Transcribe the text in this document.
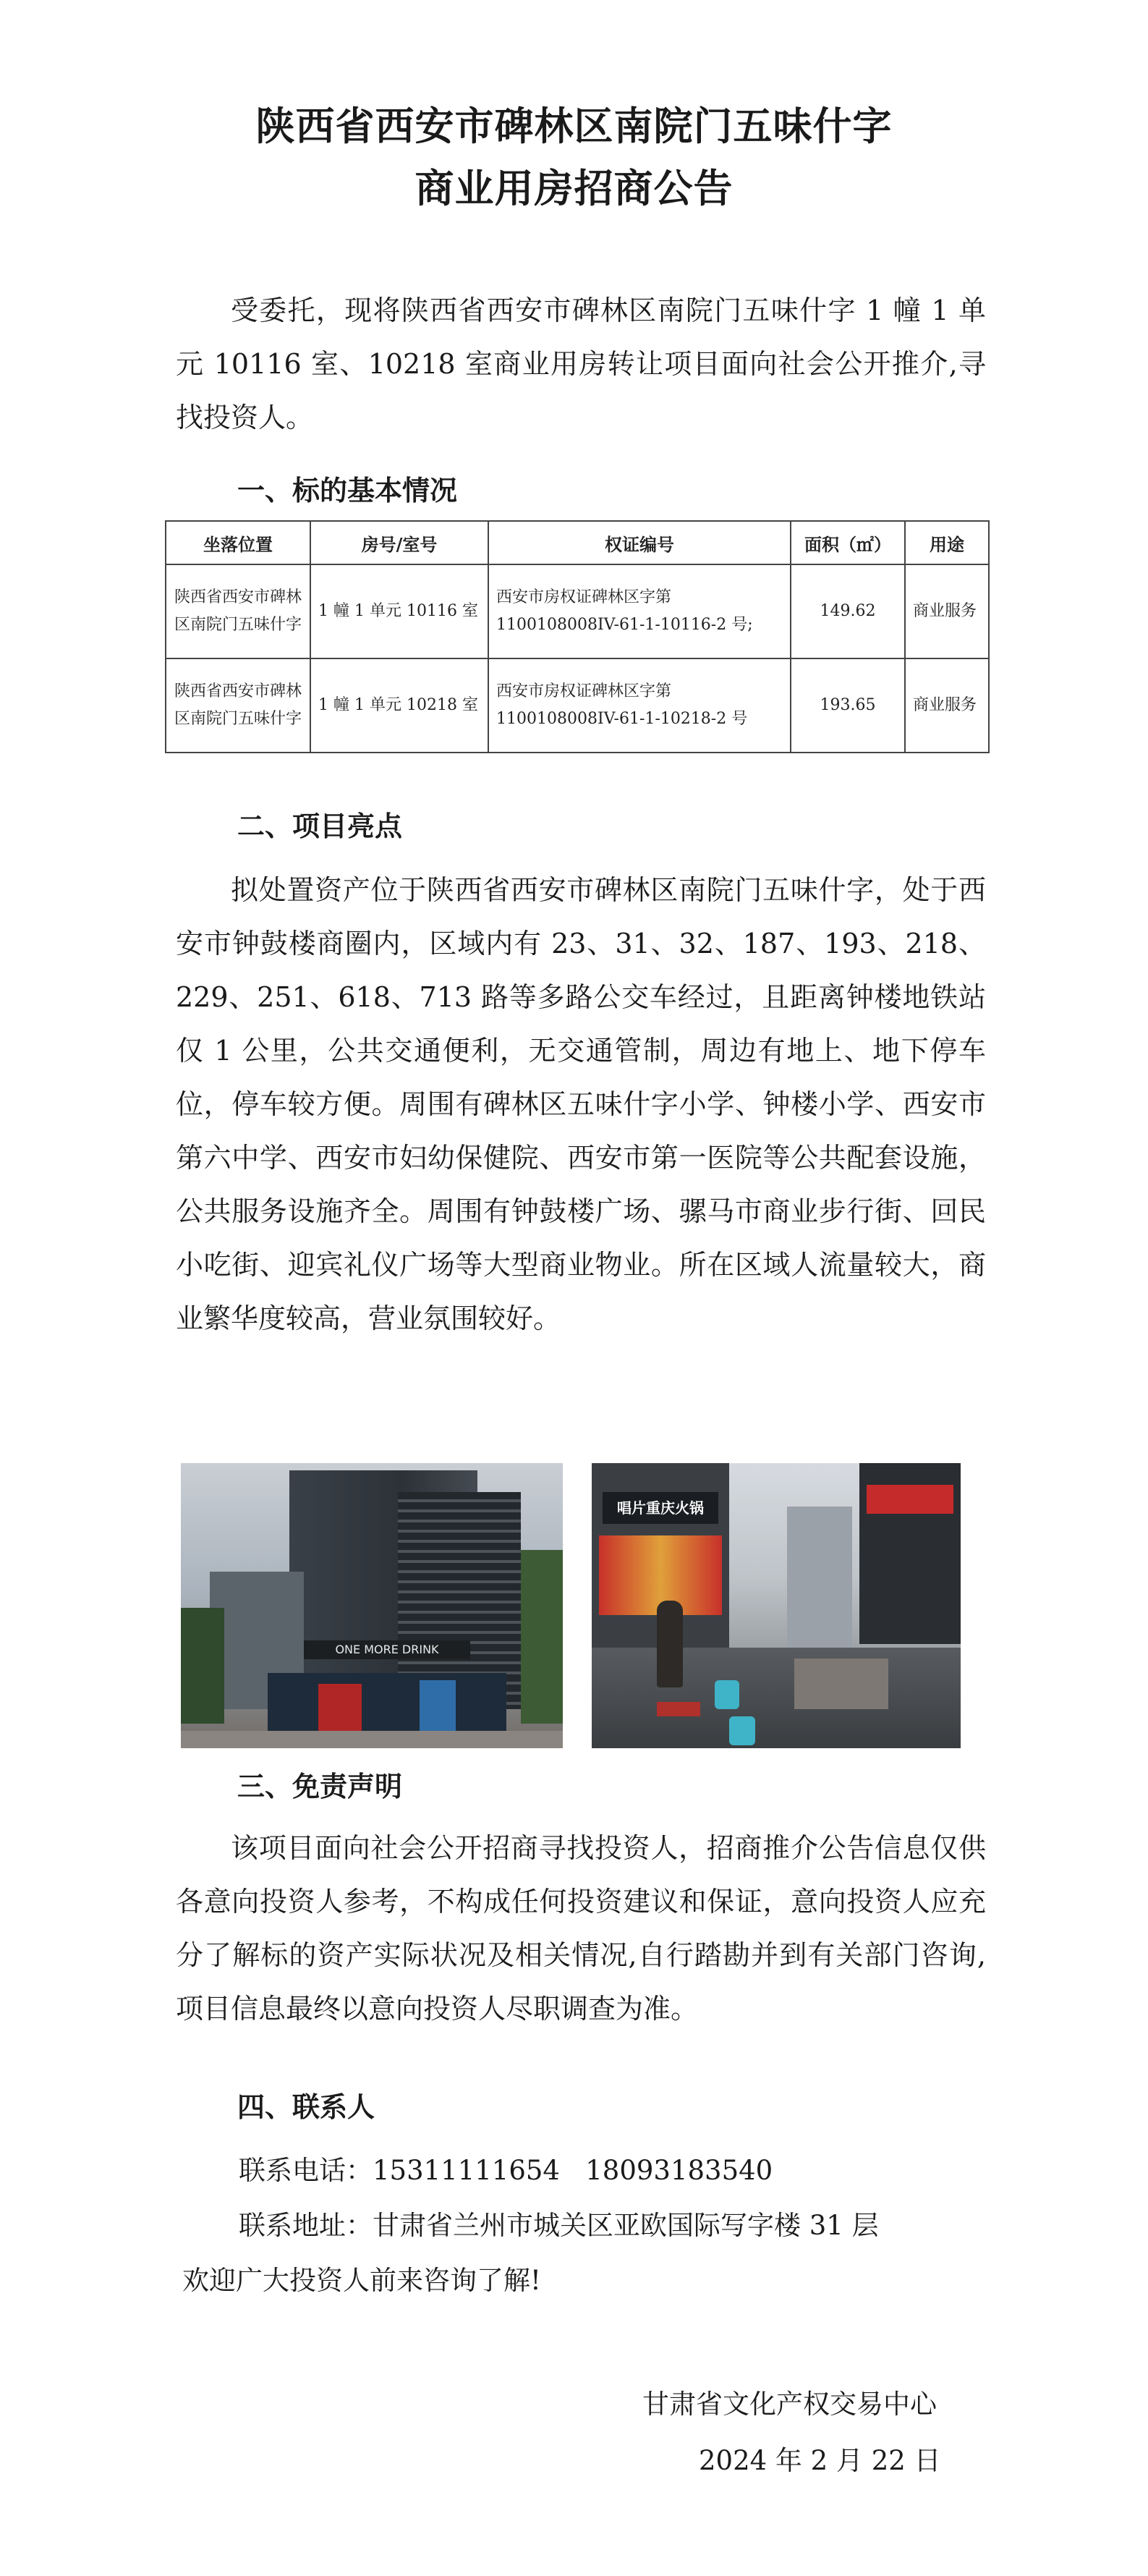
陕西省西安市碑林区南院门五味什字
商业用房招商公告

受委托，现将陕西省西安市碑林区南院门五味什字 1 幢 1 单元 10116 室、10218 室商业用房转让项目面向社会公开推介,寻找投资人。

一、标的基本情况
坐落位置	房号/室号	权证编号	面积（㎡）	用途
陕西省西安市碑林区南院门五味什字	1 幢 1 单元 10116 室	西安市房权证碑林区字第 1100108008IV-61-1-10116-2 号;	149.62	商业服务
陕西省西安市碑林区南院门五味什字	1 幢 1 单元 10218 室	西安市房权证碑林区字第 1100108008IV-61-1-10218-2 号	193.65	商业服务
二、项目亮点

拟处置资产位于陕西省西安市碑林区南院门五味什字，处于西安市钟鼓楼商圈内，区域内有 23、31、32、187、193、218、229、251、618、713 路等多路公交车经过，且距离钟楼地铁站仅 1 公里，公共交通便利，无交通管制，周边有地上、地下停车位，停车较方便。周围有碑林区五味什字小学、钟楼小学、西安市第六中学、西安市妇幼保健院、西安市第一医院等公共配套设施，公共服务设施齐全。周围有钟鼓楼广场、骡马市商业步行街、回民小吃街、迎宾礼仪广场等大型商业物业。所在区域人流量较大，商业繁华度较高，营业氛围较好。

ONE MORE DRINK
唱片重庆火锅
三、免责声明

该项目面向社会公开招商寻找投资人，招商推介公告信息仅供各意向投资人参考，不构成任何投资建议和保证，意向投资人应充分了解标的资产实际状况及相关情况,自行踏勘并到有关部门咨询,项目信息最终以意向投资人尽职调查为准。

四、联系人
联系电话：15311111654 18093183540
联系地址：甘肃省兰州市城关区亚欧国际写字楼 31 层
欢迎广大投资人前来咨询了解!
甘肃省文化产权交易中心
2024 年 2 月 22 日
